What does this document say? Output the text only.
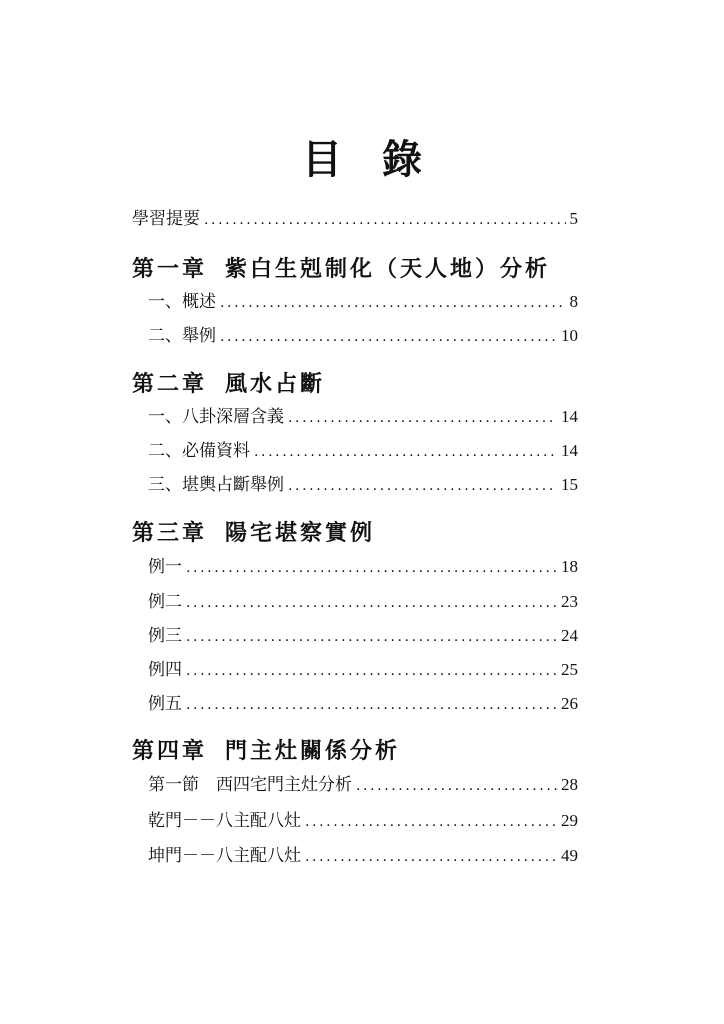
目 錄
學習提要 .....	5
第一章 紫白生剋制化（天人地）分析
一、概述 .....	8
二、舉例 .....	10
第二章 風水占斷
一、八卦深層含義 .....	14
二、必備資料 .....	14
三、堪輿占斷舉例 .....	15
第三章 陽宅堪察實例
例一 .....	18
例二 .....	23
例三 .....	24
例四 .....	25
例五 .....	26
第四章 門主灶關係分析
第一節　西四宅門主灶分析 .....	28
乾門－－八主配八灶 .....	29
坤門－－八主配八灶 .....	49
